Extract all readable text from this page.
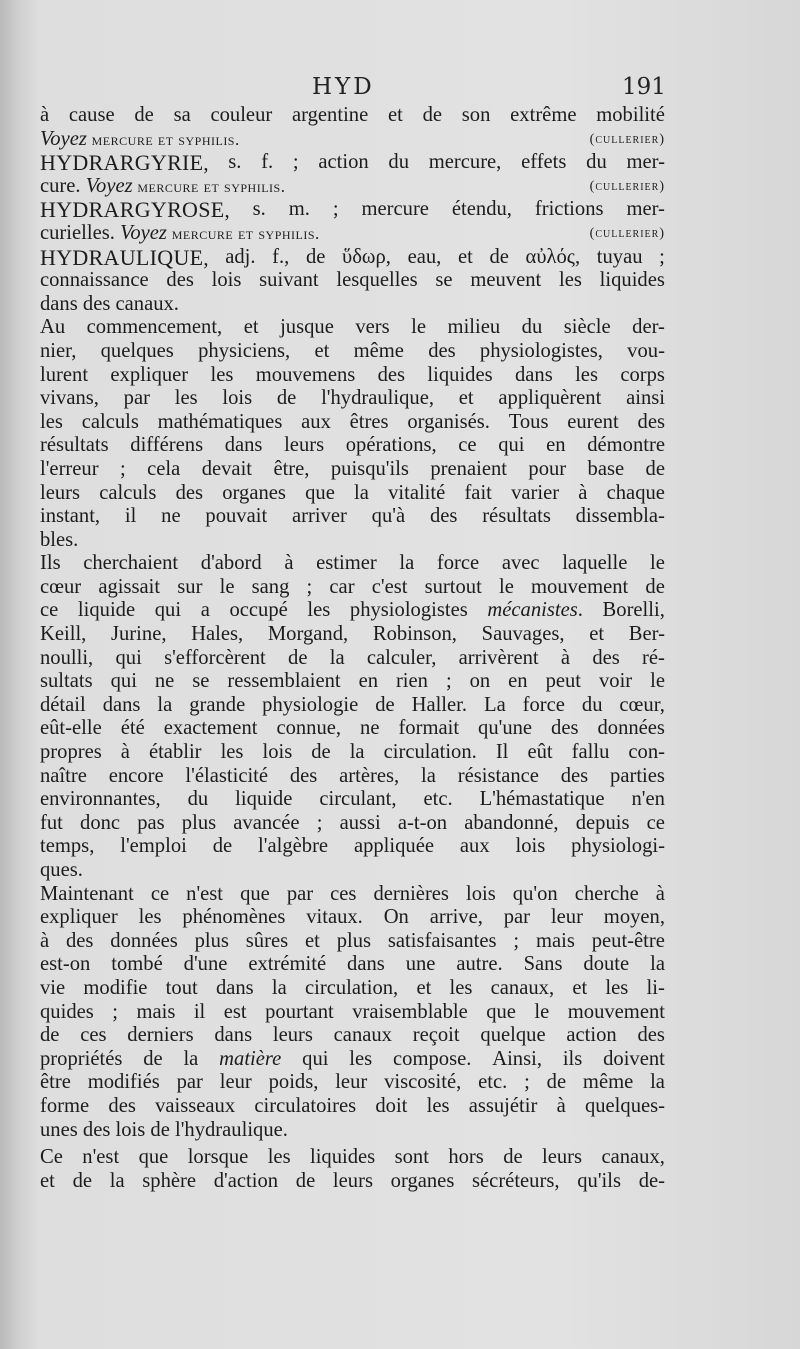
HYD	191
à cause de sa couleur argentine et de son extrême mobilité
Voyez mercure et syphilis.	(cullerier)
HYDRARGYRIE, s. f. ; action du mercure, effets du mer-
cure. Voyez mercure et syphilis.	(cullerier)
HYDRARGYROSE, s. m. ; mercure étendu, frictions mer-
curielles. Voyez mercure et syphilis.	(cullerier)
HYDRAULIQUE, adj. f., de ὕδωρ, eau, et de αὐλός, tuyau ;
connaissance des lois suivant lesquelles se meuvent les liquides
dans des canaux.
Au commencement, et jusque vers le milieu du siècle der-
nier, quelques physiciens, et même des physiologistes, vou-
lurent expliquer les mouvemens des liquides dans les corps
vivans, par les lois de l'hydraulique, et appliquèrent ainsi
les calculs mathématiques aux êtres organisés. Tous eurent des
résultats différens dans leurs opérations, ce qui en démontre
l'erreur ; cela devait être, puisqu'ils prenaient pour base de
leurs calculs des organes que la vitalité fait varier à chaque
instant, il ne pouvait arriver qu'à des résultats dissembla-
bles.
Ils cherchaient d'abord à estimer la force avec laquelle le
cœur agissait sur le sang ; car c'est surtout le mouvement de
ce liquide qui a occupé les physiologistes mécanistes. Borelli,
Keill, Jurine, Hales, Morgand, Robinson, Sauvages, et Ber-
noulli, qui s'efforcèrent de la calculer, arrivèrent à des ré-
sultats qui ne se ressemblaient en rien ; on en peut voir le
détail dans la grande physiologie de Haller. La force du cœur,
eût-elle été exactement connue, ne formait qu'une des données
propres à établir les lois de la circulation. Il eût fallu con-
naître encore l'élasticité des artères, la résistance des parties
environnantes, du liquide circulant, etc. L'hémastatique n'en
fut donc pas plus avancée ; aussi a-t-on abandonné, depuis ce
temps, l'emploi de l'algèbre appliquée aux lois physiologi-
ques.
Maintenant ce n'est que par ces dernières lois qu'on cherche à
expliquer les phénomènes vitaux. On arrive, par leur moyen,
à des données plus sûres et plus satisfaisantes ; mais peut-être
est-on tombé d'une extrémité dans une autre. Sans doute la
vie modifie tout dans la circulation, et les canaux, et les li-
quides ; mais il est pourtant vraisemblable que le mouvement
de ces derniers dans leurs canaux reçoit quelque action des
propriétés de la matière qui les compose. Ainsi, ils doivent
être modifiés par leur poids, leur viscosité, etc. ; de même la
forme des vaisseaux circulatoires doit les assujétir à quelques-
unes des lois de l'hydraulique.
Ce n'est que lorsque les liquides sont hors de leurs canaux,
et de la sphère d'action de leurs organes sécréteurs, qu'ils de-
